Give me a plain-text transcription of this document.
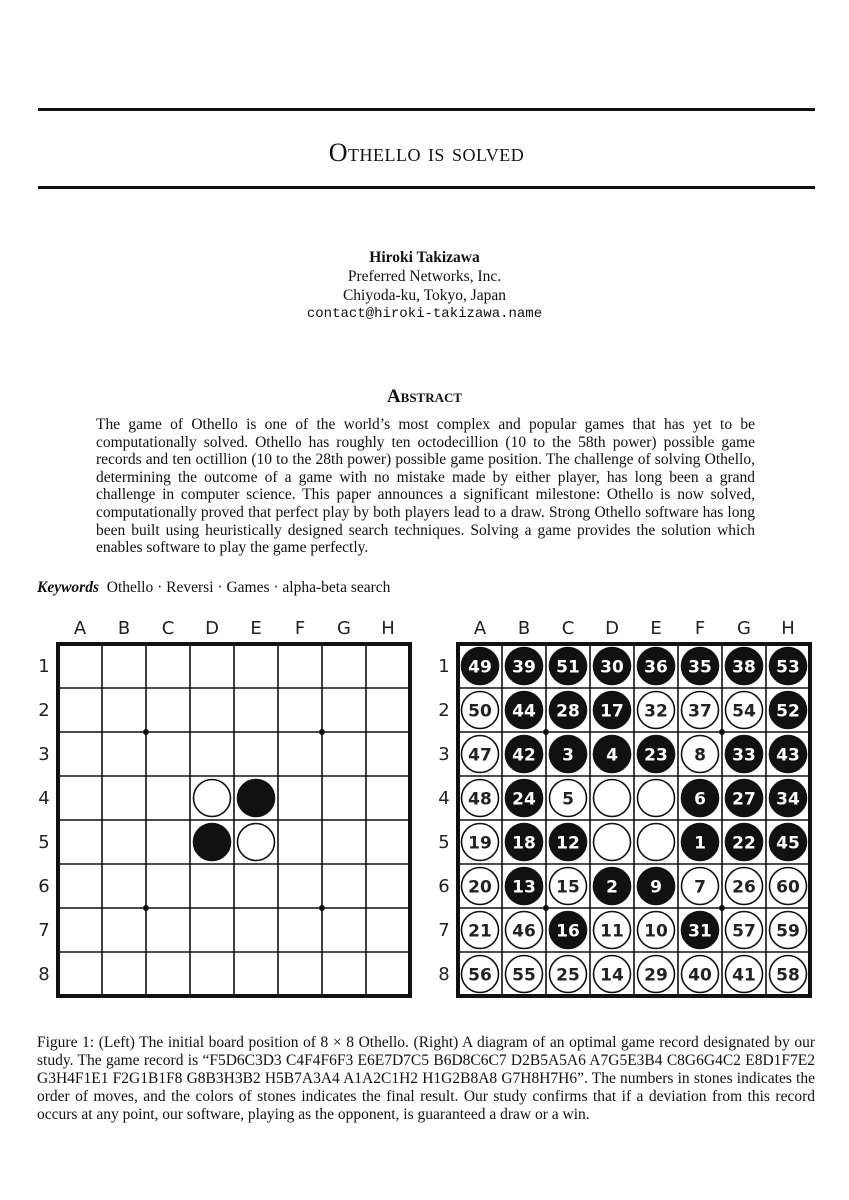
Othello is solved
Hiroki Takizawa
Preferred Networks, Inc.
Chiyoda-ku, Tokyo, Japan
contact@hiroki-takizawa.name
Abstract
The game of Othello is one of the world’s most complex and popular games that has yet to be computationally solved. Othello has roughly ten octodecillion (10 to the 58th power) possible game records and ten octillion (10 to the 28th power) possible game position. The challenge of solving Othello, determining the outcome of a game with no mistake made by either player, has long been a grand challenge in computer science. This paper announces a significant milestone: Othello is now solved, computationally proved that perfect play by both players lead to a draw. Strong Othello software has long been built using heuristically designed search techniques. Solving a game provides the solution which enables software to play the game perfectly.
Keywords Othello · Reversi · Games · alpha-beta search
A B C D E F G H
1
2
3
4
5
6
7
8
A B C D E F G H
1
2
3
4
5
6
7
8
49 39 51 30 36 35 38 53
50 44 28 17 32 37 54 52
47 42 3 4 23 8 33 43
48 24 5	6 27 34
19 18 12	1 22 45
20 13 15 2 9 7 26 60
21 46 16 11 10 31 57 59
56 55 25 14 29 40 41 58
Figure 1: (Left) The initial board position of 8 × 8 Othello. (Right) A diagram of an optimal game record designated by our study. The game record is “F5D6C3D3 C4F4F6F3 E6E7D7C5 B6D8C6C7 D2B5A5A6 A7G5E3B4 C8G6G4C2 E8D1F7E2 G3H4F1E1 F2G1B1F8 G8B3H3B2 H5B7A3A4 A1A2C1H2 H1G2B8A8 G7H8H7H6”. The numbers in stones indicates the order of moves, and the colors of stones indicates the final result. Our study confirms that if a deviation from this record occurs at any point, our software, playing as the opponent, is guaranteed a draw or a win.
